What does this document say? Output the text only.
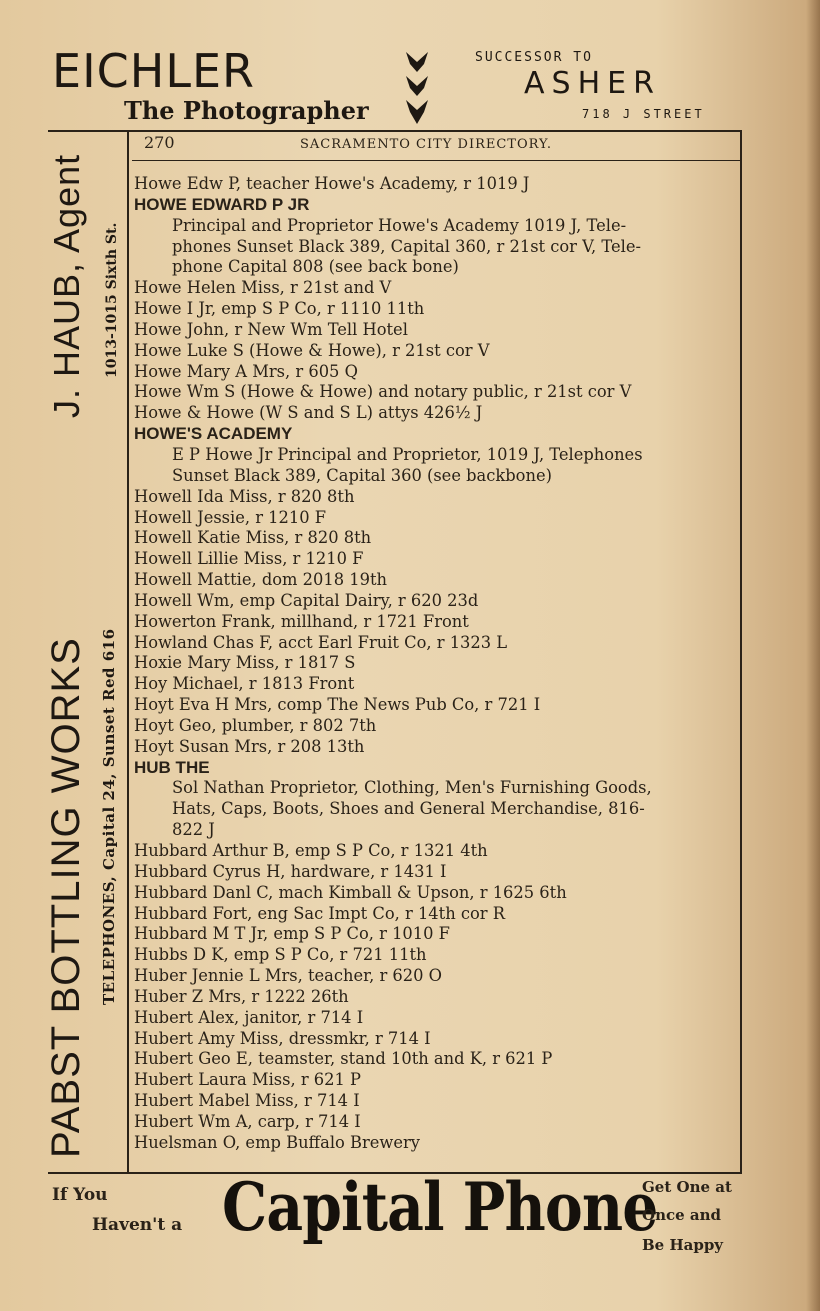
EICHLER
The Photographer
SUCCESSOR TO
ASHER
718 J STREET
PABST BOTTLING WORKS
J. HAUB, Agent
TELEPHONES, Capital 24, Sunset Red 616
1013-1015 Sixth St.
270	SACRAMENTO CITY DIRECTORY.
Howe Edw P, teacher Howe's Academy, r 1019 J
HOWE EDWARD P JR
Principal and Proprietor Howe's Academy 1019 J, Tele-
phones Sunset Black 389, Capital 360, r 21st cor V, Tele-
phone Capital 808 (see back bone)
Howe Helen Miss, r 21st and V
Howe I Jr, emp S P Co, r 1110 11th
Howe John, r New Wm Tell Hotel
Howe Luke S (Howe & Howe), r 21st cor V
Howe Mary A Mrs, r 605 Q
Howe Wm S (Howe & Howe) and notary public, r 21st cor V
Howe & Howe (W S and S L) attys 426½ J
HOWE'S ACADEMY
E P Howe Jr Principal and Proprietor, 1019 J, Telephones
Sunset Black 389, Capital 360 (see backbone)
Howell Ida Miss, r 820 8th
Howell Jessie, r 1210 F
Howell Katie Miss, r 820 8th
Howell Lillie Miss, r 1210 F
Howell Mattie, dom 2018 19th
Howell Wm, emp Capital Dairy, r 620 23d
Howerton Frank, millhand, r 1721 Front
Howland Chas F, acct Earl Fruit Co, r 1323 L
Hoxie Mary Miss, r 1817 S
Hoy Michael, r 1813 Front
Hoyt Eva H Mrs, comp The News Pub Co, r 721 I
Hoyt Geo, plumber, r 802 7th
Hoyt Susan Mrs, r 208 13th
HUB THE
Sol Nathan Proprietor, Clothing, Men's Furnishing Goods,
Hats, Caps, Boots, Shoes and General Merchandise, 816-
822 J
Hubbard Arthur B, emp S P Co, r 1321 4th
Hubbard Cyrus H, hardware, r 1431 I
Hubbard Danl C, mach Kimball & Upson, r 1625 6th
Hubbard Fort, eng Sac Impt Co, r 14th cor R
Hubbard M T Jr, emp S P Co, r 1010 F
Hubbs D K, emp S P Co, r 721 11th
Huber Jennie L Mrs, teacher, r 620 O
Huber Z Mrs, r 1222 26th
Hubert Alex, janitor, r 714 I
Hubert Amy Miss, dressmkr, r 714 I
Hubert Geo E, teamster, stand 10th and K, r 621 P
Hubert Laura Miss, r 621 P
Hubert Mabel Miss, r 714 I
Hubert Wm A, carp, r 714 I
Huelsman O, emp Buffalo Brewery
If You
Haven't a Capital Phone
Get One at
Once and
Be Happy
